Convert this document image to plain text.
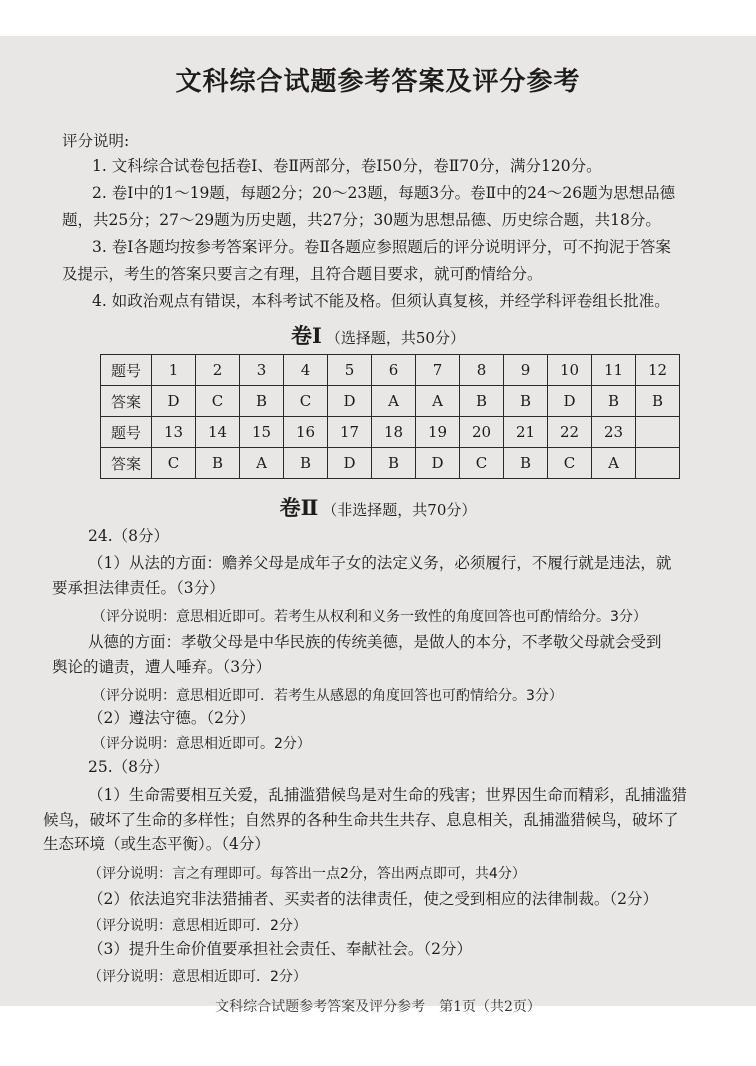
文科综合试题参考答案及评分参考
评分说明:
1. 文科综合试卷包括卷Ⅰ、卷Ⅱ两部分，卷Ⅰ50分，卷Ⅱ70分，满分120分。
2. 卷Ⅰ中的1～19题，每题2分；20～23题，每题3分。卷Ⅱ中的24～26题为思想品德
题，共25分；27～29题为历史题，共27分；30题为思想品德、历史综合题，共18分。
3. 卷Ⅰ各题均按参考答案评分。卷Ⅱ各题应参照题后的评分说明评分，可不拘泥于答案
及提示，考生的答案只要言之有理，且符合题目要求，就可酌情给分。
4. 如政治观点有错误，本科考试不能及格。但须认真复核，并经学科评卷组长批准。
卷Ⅰ （选择题，共50分）
题号	1	2	3	4	5	6	7	8	9	10	11	12
答案	D	C	B	C	D	A	A	B	B	D	B	B
题号	13	14	15	16	17	18	19	20	21	22	23	
答案	C	B	A	B	D	B	D	C	B	C	A	
卷Ⅱ （非选择题，共70分）
24.（8分）
（1）从法的方面：赡养父母是成年子女的法定义务，必须履行，不履行就是违法，就
要承担法律责任。（3分）
（评分说明：意思相近即可。若考生从权利和义务一致性的角度回答也可酌情给分。3分）
从德的方面：孝敬父母是中华民族的传统美德，是做人的本分，不孝敬父母就会受到
舆论的谴责，遭人唾弃。（3分）
（评分说明：意思相近即可．若考生从感恩的角度回答也可酌情给分。3分）
（2）遵法守德。（2分）
（评分说明：意思相近即可。2分）
25.（8分）
（1）生命需要相互关爱，乱捕滥猎候鸟是对生命的残害；世界因生命而精彩，乱捕滥猎
候鸟，破坏了生命的多样性；自然界的各种生命共生共存、息息相关，乱捕滥猎候鸟，破坏了
生态环境（或生态平衡）。（4分）
（评分说明：言之有理即可。每答出一点2分，答出两点即可，共4分）
（2）依法追究非法猎捕者、买卖者的法律责任，使之受到相应的法律制裁。（2分）
（评分说明：意思相近即可．2分）
（3）提升生命价值要承担社会责任、奉献社会。（2分）
（评分说明：意思相近即可．2分）
文科综合试题参考答案及评分参考　第1页（共2页）
